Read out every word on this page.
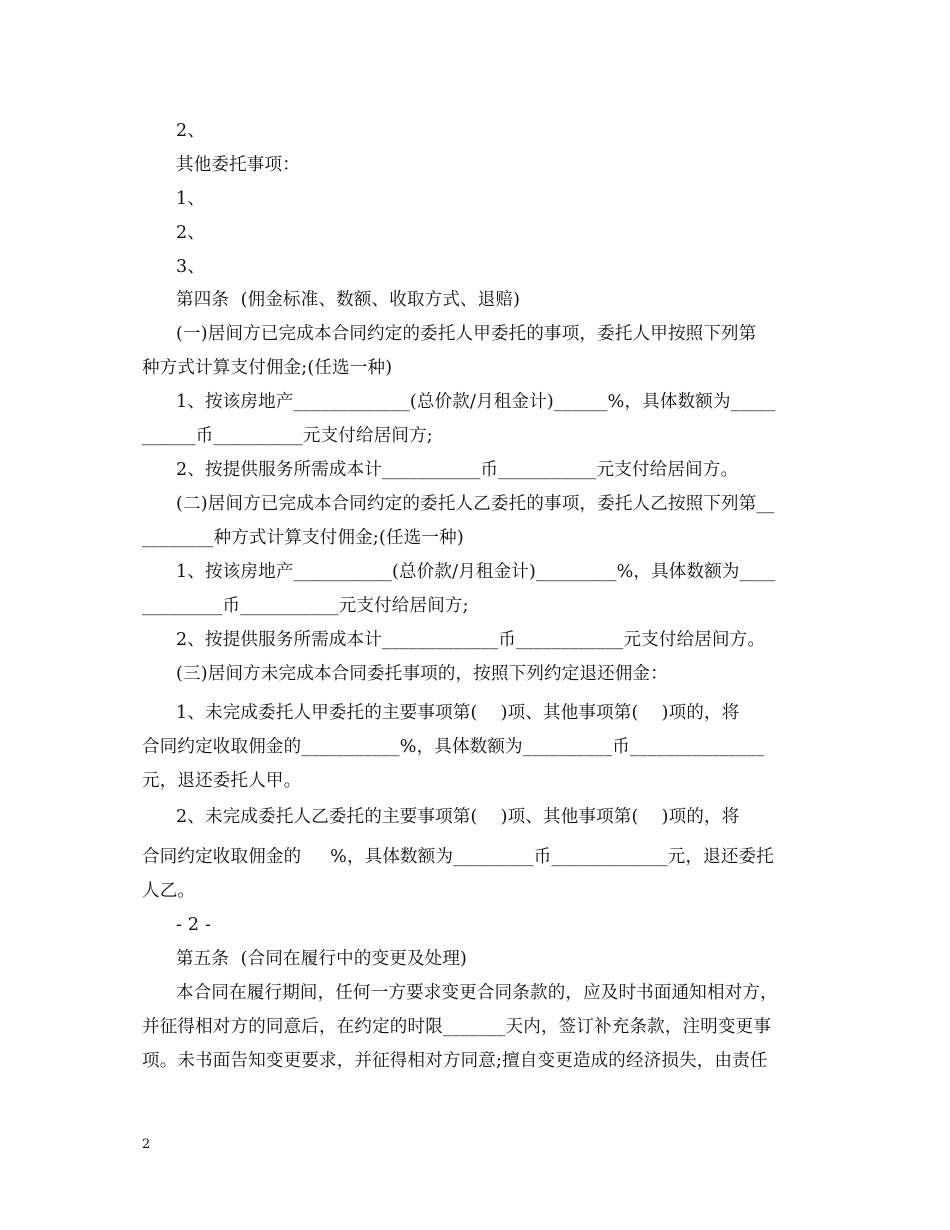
2、
其他委托事项：
1、
2、
3、
第四条  (佣金标准、数额、收取方式、退赔)
(一)居间方已完成本合同约定的委托人甲委托的事项，委托人甲按照下列第
种方式计算支付佣金;(任选一种)
1、按该房地产_____________(总价款/月租金计)______%，具体数额为_____
______币__________元支付给居间方;
2、按提供服务所需成本计___________币___________元支付给居间方。
(二)居间方已完成本合同约定的委托人乙委托的事项，委托人乙按照下列第__
________种方式计算支付佣金;(任选一种)
1、按该房地产___________(总价款/月租金计)_________%，具体数额为____
_________币___________元支付给居间方;
2、按提供服务所需成本计_____________币____________元支付给居间方。
(三)居间方未完成本合同委托事项的，按照下列约定退还佣金：
1、未完成委托人甲委托的主要事项第(    )项、其他事项第(    )项的，将
合同约定收取佣金的___________%，具体数额为__________币_______________
元，退还委托人甲。
2、未完成委托人乙委托的主要事项第(    )项、其他事项第(    )项的，将
合同约定收取佣金的     %，具体数额为_________币_____________元，退还委托
人乙。
- 2 -
第五条  (合同在履行中的变更及处理)
本合同在履行期间，任何一方要求变更合同条款的，应及时书面通知相对方，
并征得相对方的同意后，在约定的时限_______天内，签订补充条款，注明变更事
项。未书面告知变更要求，并征得相对方同意;擅自变更造成的经济损失，由责任
2
